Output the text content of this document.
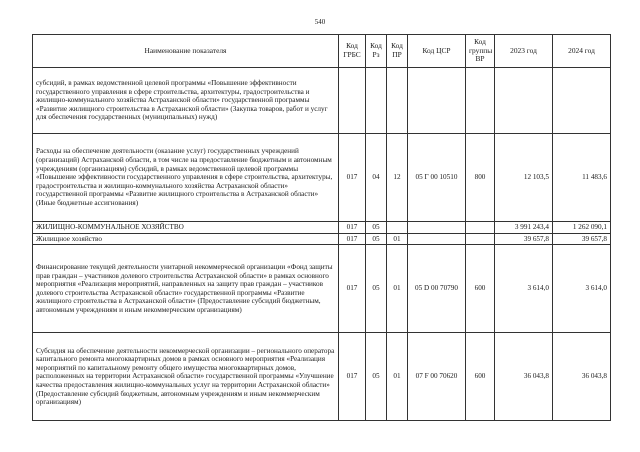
540
Наименование показателя	Код ГРБС	Код Рз	Код ПР	Код ЦСР	Код группы ВР	2023 год	2024 год
субсидий, в рамках ведомственной целевой программы «Повышение эффективности государственного управления в сфере строительства, архитектуры, градостроительства и жилищно-коммунального хозяйства Астраханской области» государственной программы «Развитие жилищного строительства в Астраханской области» (Закупка товаров, работ и услуг для обеспечения государственных (муниципальных) нужд)							
Расходы на обеспечение деятельности (оказание услуг) государственных учреждений (организаций) Астраханской области, в том числе на предоставление бюджетным и автономным учреждениям (организациям) субсидий, в рамках ведомственной целевой программы «Повышение эффективности государственного управления в сфере строительства, архитектуры, градостроительства и жилищно-коммунального хозяйства Астраханской области» государственной программы «Развитие жилищного строительства в Астраханской области» (Иные бюджетные ассигнования)	017	04	12	05 Г 00 10510	800	12 103,5	11 483,6
ЖИЛИЩНО-КОММУНАЛЬНОЕ ХОЗЯЙСТВО	017	05				3 991 243,4	1 262 090,1
Жилищное хозяйство	017	05	01			39 657,8	39 657,8
Финансирование текущей деятельности унитарной некоммерческой организации «Фонд защиты прав граждан – участников долевого строительства Астраханской области» в рамках основного мероприятия «Реализация мероприятий, направленных на защиту прав граждан – участников долевого строительства Астраханской области» государственной программы «Развитие жилищного строительства в Астраханской области» (Предоставление субсидий бюджетным, автономным учреждениям и иным некоммерческим организациям)	017	05	01	05 D 00 70790	600	3 614,0	3 614,0
Субсидия на обеспечение деятельности некоммерческой организации – регионального оператора капитального ремонта многоквартирных домов в рамках основного мероприятия «Реализация мероприятий по капитальному ремонту общего имущества многоквартирных домов, расположенных на территории Астраханской области» государственной программы «Улучшение качества предоставления жилищно-коммунальных услуг на территории Астраханской области» (Предоставление субсидий бюджетным, автономным учреждениям и иным некоммерческим организациям)	017	05	01	07 F 00 70620	600	36 043,8	36 043,8
